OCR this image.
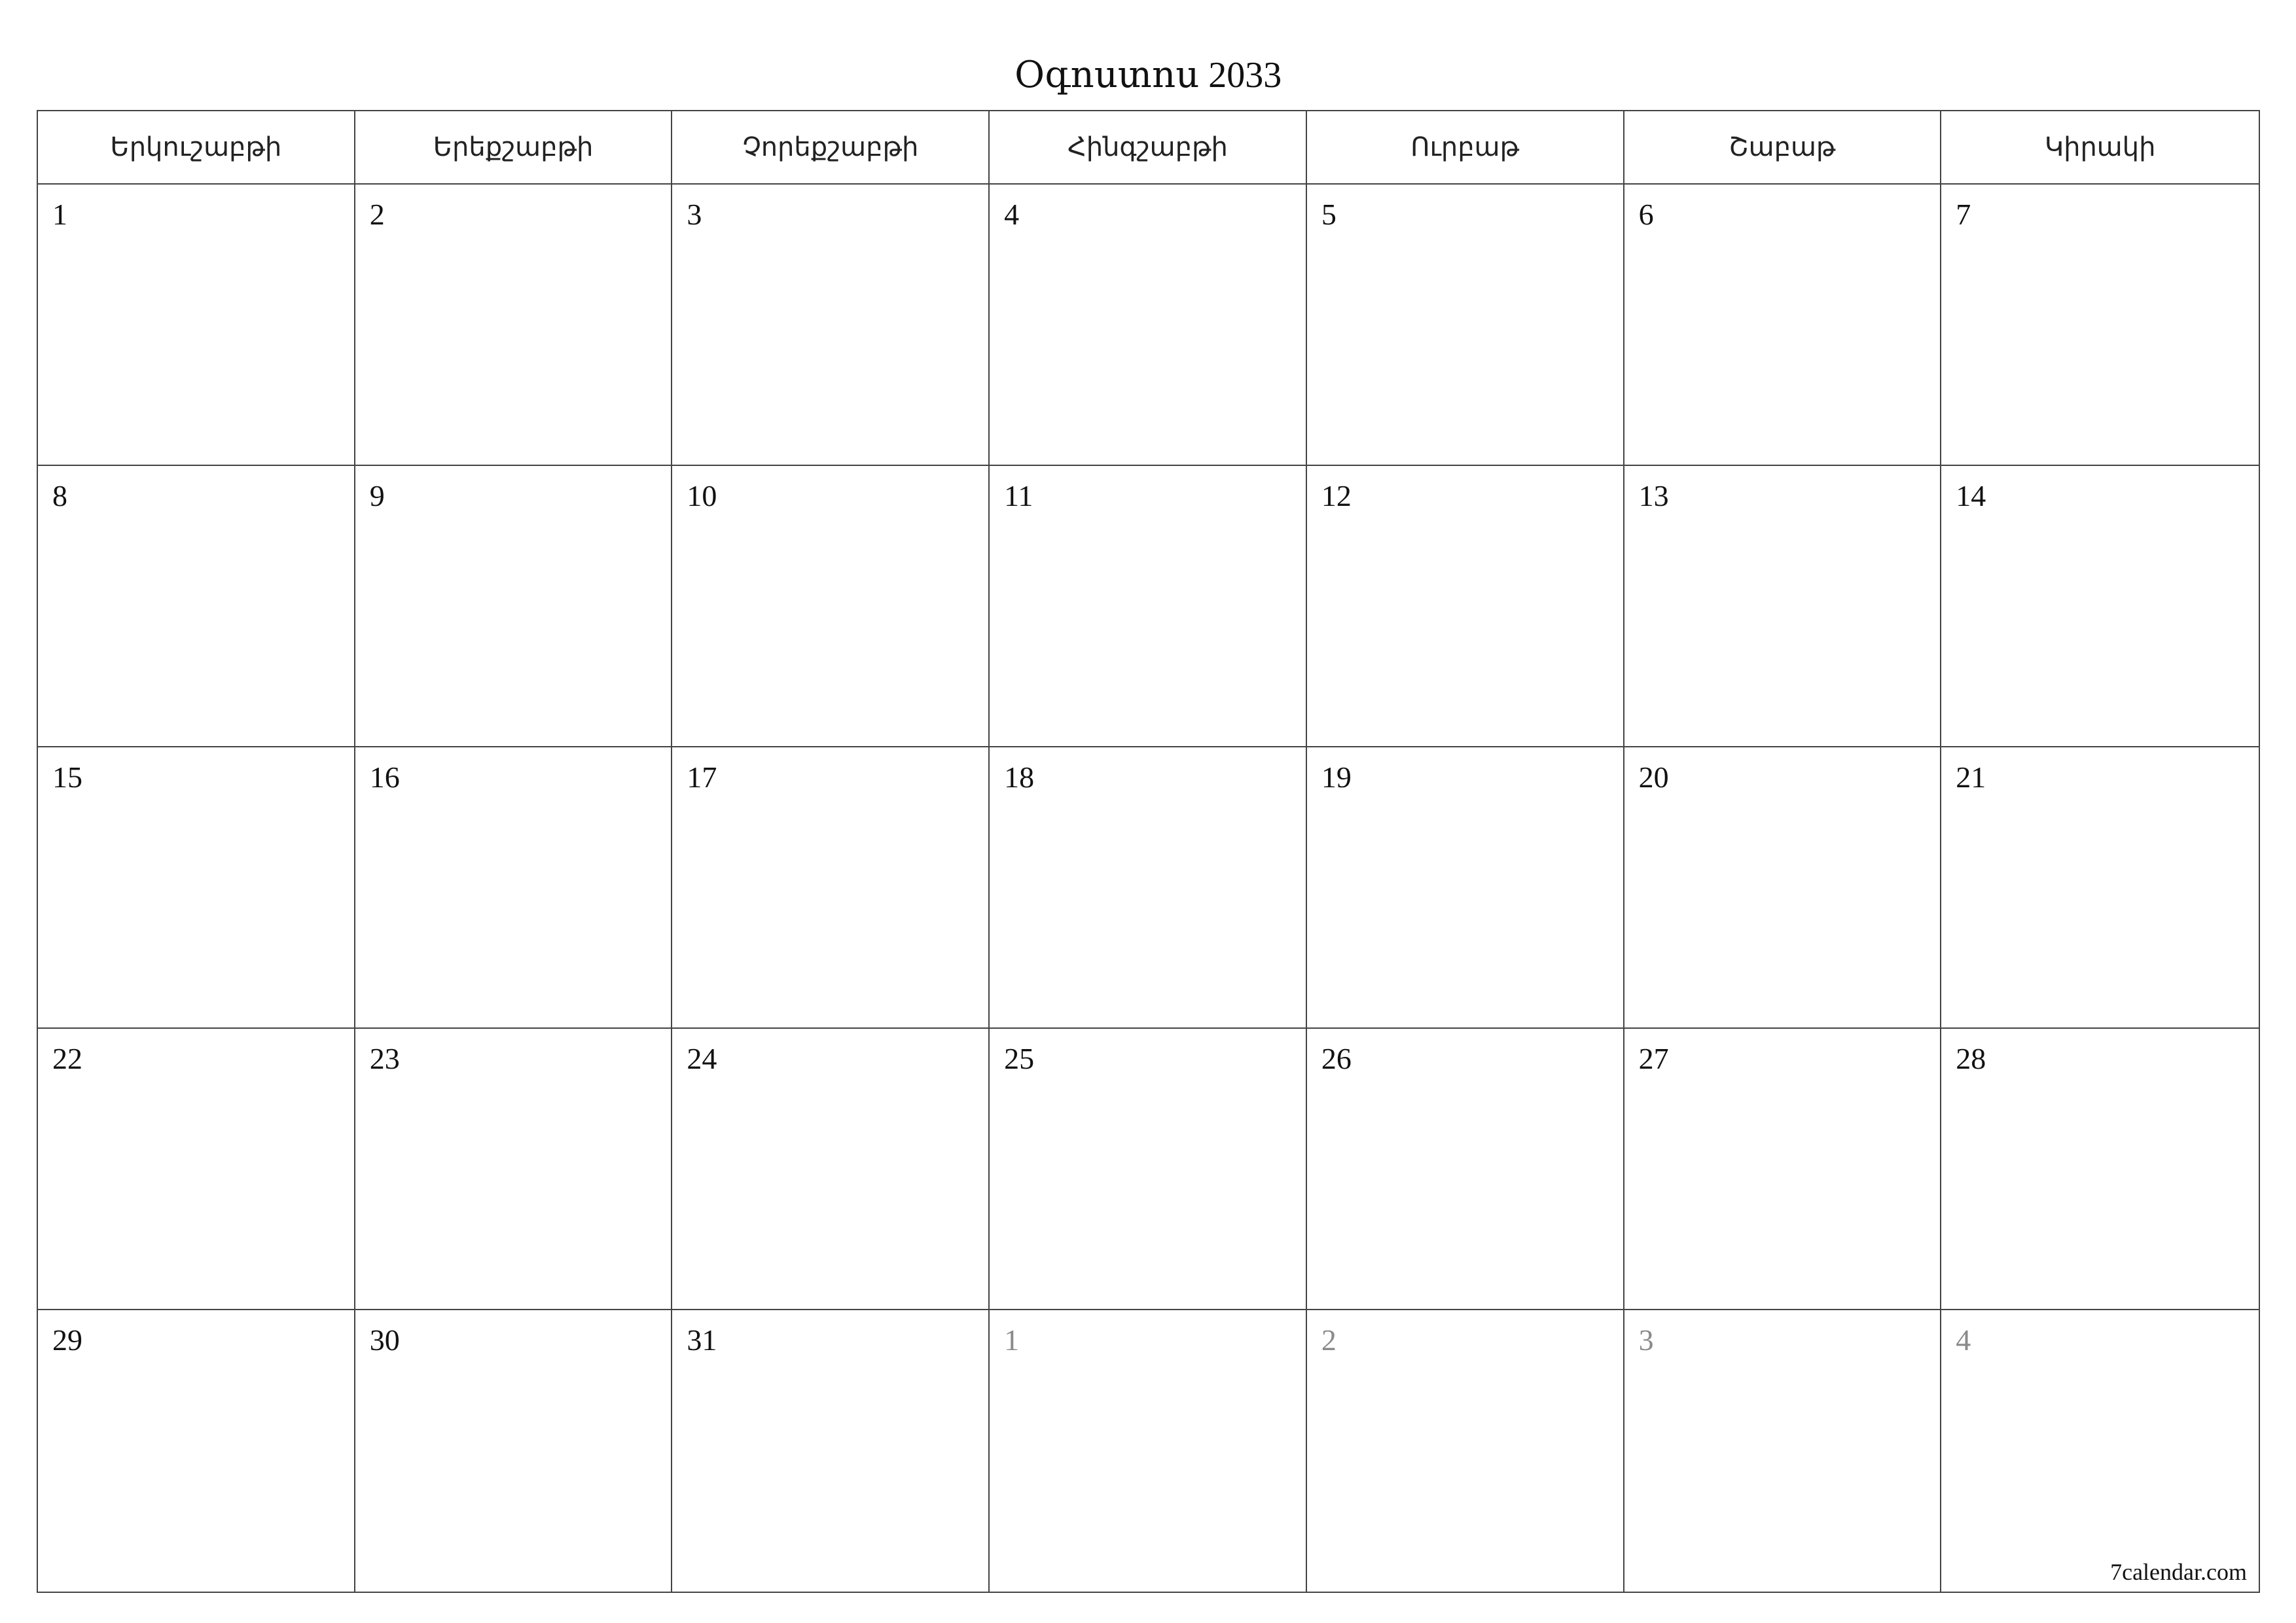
Օգոստոս 2033
Երկուշաբթի	Երեքշաբթի	Չորեքշաբթի	Հինգշաբթի	Ուրբաթ	Շաբաթ	Կիրակի
1	2	3	4	5	6	7
8	9	10	11	12	13	14
15	16	17	18	19	20	21
22	23	24	25	26	27	28
29	30	31	1	2	3	4
7calendar.com
